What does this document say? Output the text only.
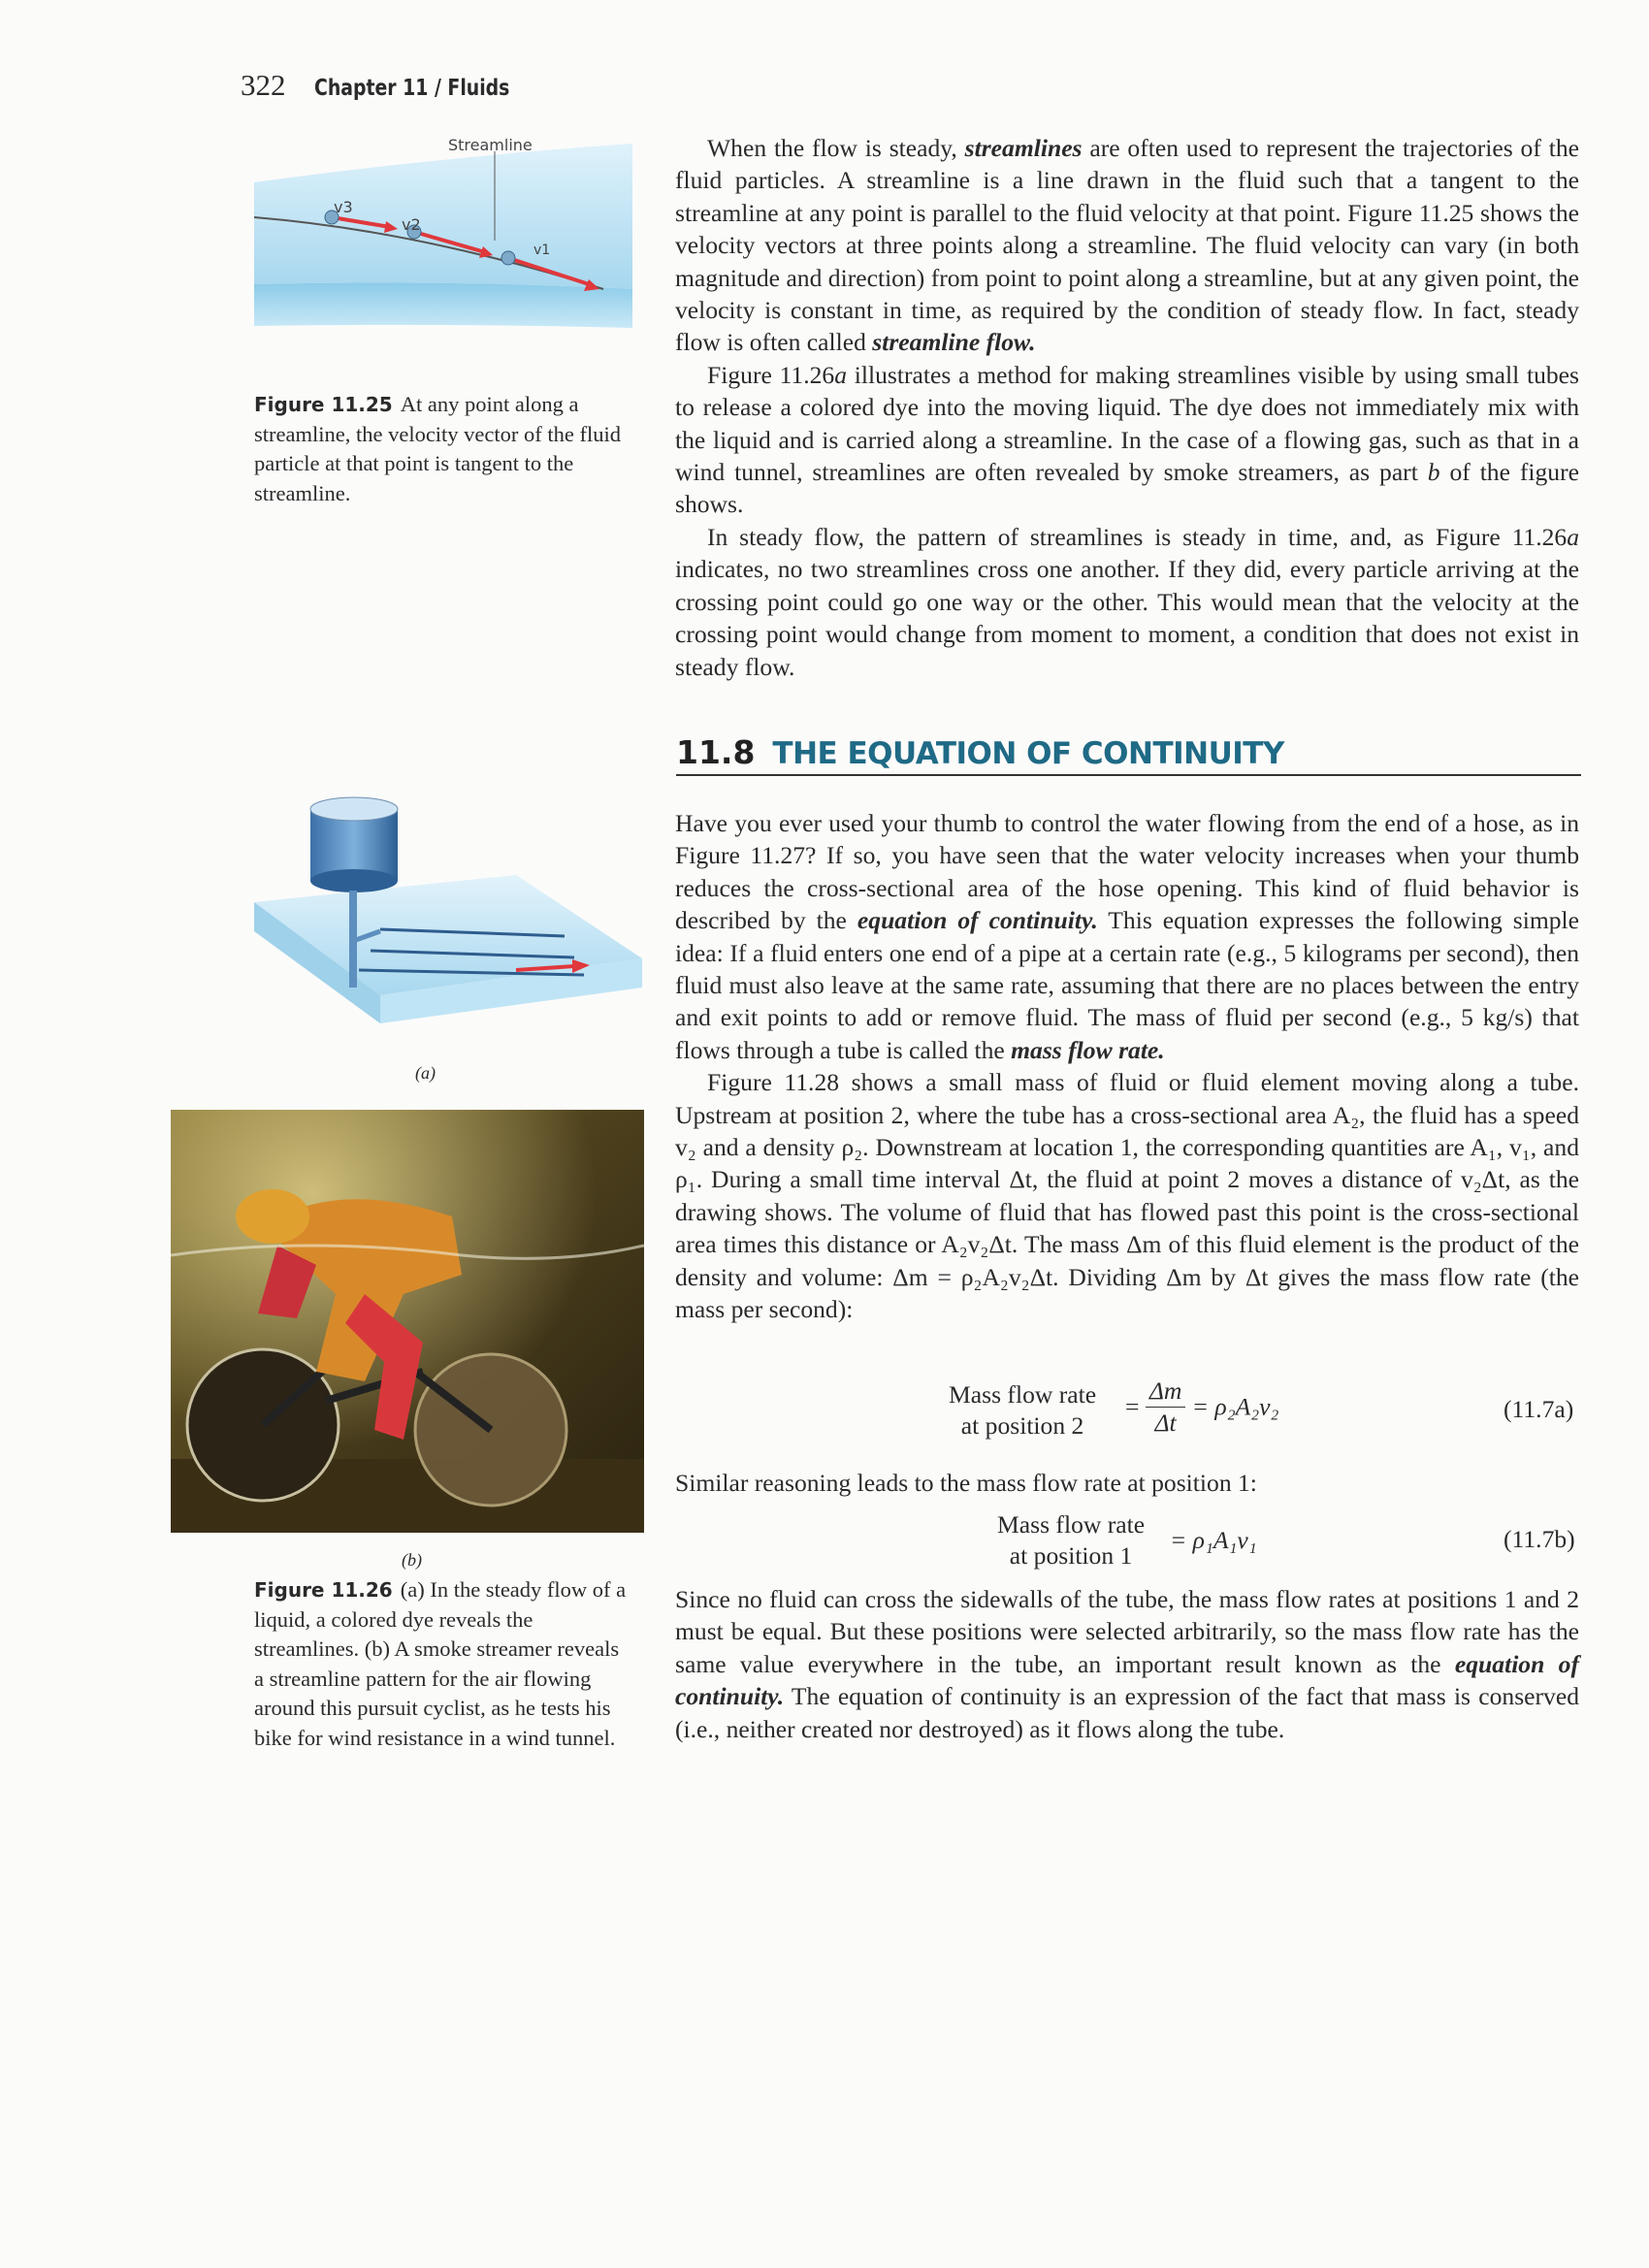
322 Chapter 11 / Fluids
Streamline
v3
v2
v1
Figure 11.25 At any point along a streamline, the velocity vector of the fluid particle at that point is tangent to the streamline.
(a)
(b)
Figure 11.26 (a) In the steady flow of a liquid, a colored dye reveals the streamlines. (b) A smoke streamer reveals a streamline pattern for the air flowing around this pursuit cyclist, as he tests his bike for wind resistance in a wind tunnel.

When the flow is steady, streamlines are often used to represent the trajectories of the fluid particles. A streamline is a line drawn in the fluid such that a tangent to the streamline at any point is parallel to the fluid velocity at that point. Figure 11.25 shows the velocity vectors at three points along a streamline. The fluid velocity can vary (in both magnitude and direction) from point to point along a streamline, but at any given point, the velocity is constant in time, as required by the condition of steady flow. In fact, steady flow is often called streamline flow.

Figure 11.26a illustrates a method for making streamlines visible by using small tubes to release a colored dye into the moving liquid. The dye does not immediately mix with the liquid and is carried along a streamline. In the case of a flowing gas, such as that in a wind tunnel, streamlines are often revealed by smoke streamers, as part b of the figure shows.

In steady flow, the pattern of streamlines is steady in time, and, as Figure 11.26a indicates, no two streamlines cross one another. If they did, every particle arriving at the crossing point could go one way or the other. This would mean that the velocity at the crossing point would change from moment to moment, a condition that does not exist in steady flow.

11.8 THE EQUATION OF CONTINUITY

Have you ever used your thumb to control the water flowing from the end of a hose, as in Figure 11.27? If so, you have seen that the water velocity increases when your thumb reduces the cross-sectional area of the hose opening. This kind of fluid behavior is described by the equation of continuity. This equation expresses the following simple idea: If a fluid enters one end of a pipe at a certain rate (e.g., 5 kilograms per second), then fluid must also leave at the same rate, assuming that there are no places between the entry and exit points to add or remove fluid. The mass of fluid per second (e.g., 5 kg/s) that flows through a tube is called the mass flow rate.

Figure 11.28 shows a small mass of fluid or fluid element moving along a tube. Upstream at position 2, where the tube has a cross-sectional area A₂, the fluid has a speed v₂ and a density ρ₂. Downstream at location 1, the corresponding quantities are A₁, v₁, and ρ₁. During a small time interval Δt, the fluid at point 2 moves a distance of v₂Δt, as the drawing shows. The volume of fluid that has flowed past this point is the cross-sectional area times this distance or A₂v₂Δt. The mass Δm of this fluid element is the product of the density and volume: Δm = ρ₂A₂v₂Δt. Dividing Δm by Δt gives the mass flow rate (the mass per second):

Mass flow rate
at position 2
= $\frac{\Delta m}{\Delta t} = \rho_2A_2v_2$	(11.7a)

Similar reasoning leads to the mass flow rate at position 1:

Mass flow rate
at position 1
= ρ₁A₁v₁	(11.7b)

Since no fluid can cross the sidewalls of the tube, the mass flow rates at positions 1 and 2 must be equal. But these positions were selected arbitrarily, so the mass flow rate has the same value everywhere in the tube, an important result known as the equation of continuity. The equation of continuity is an expression of the fact that mass is conserved (i.e., neither created nor destroyed) as it flows along the tube.
